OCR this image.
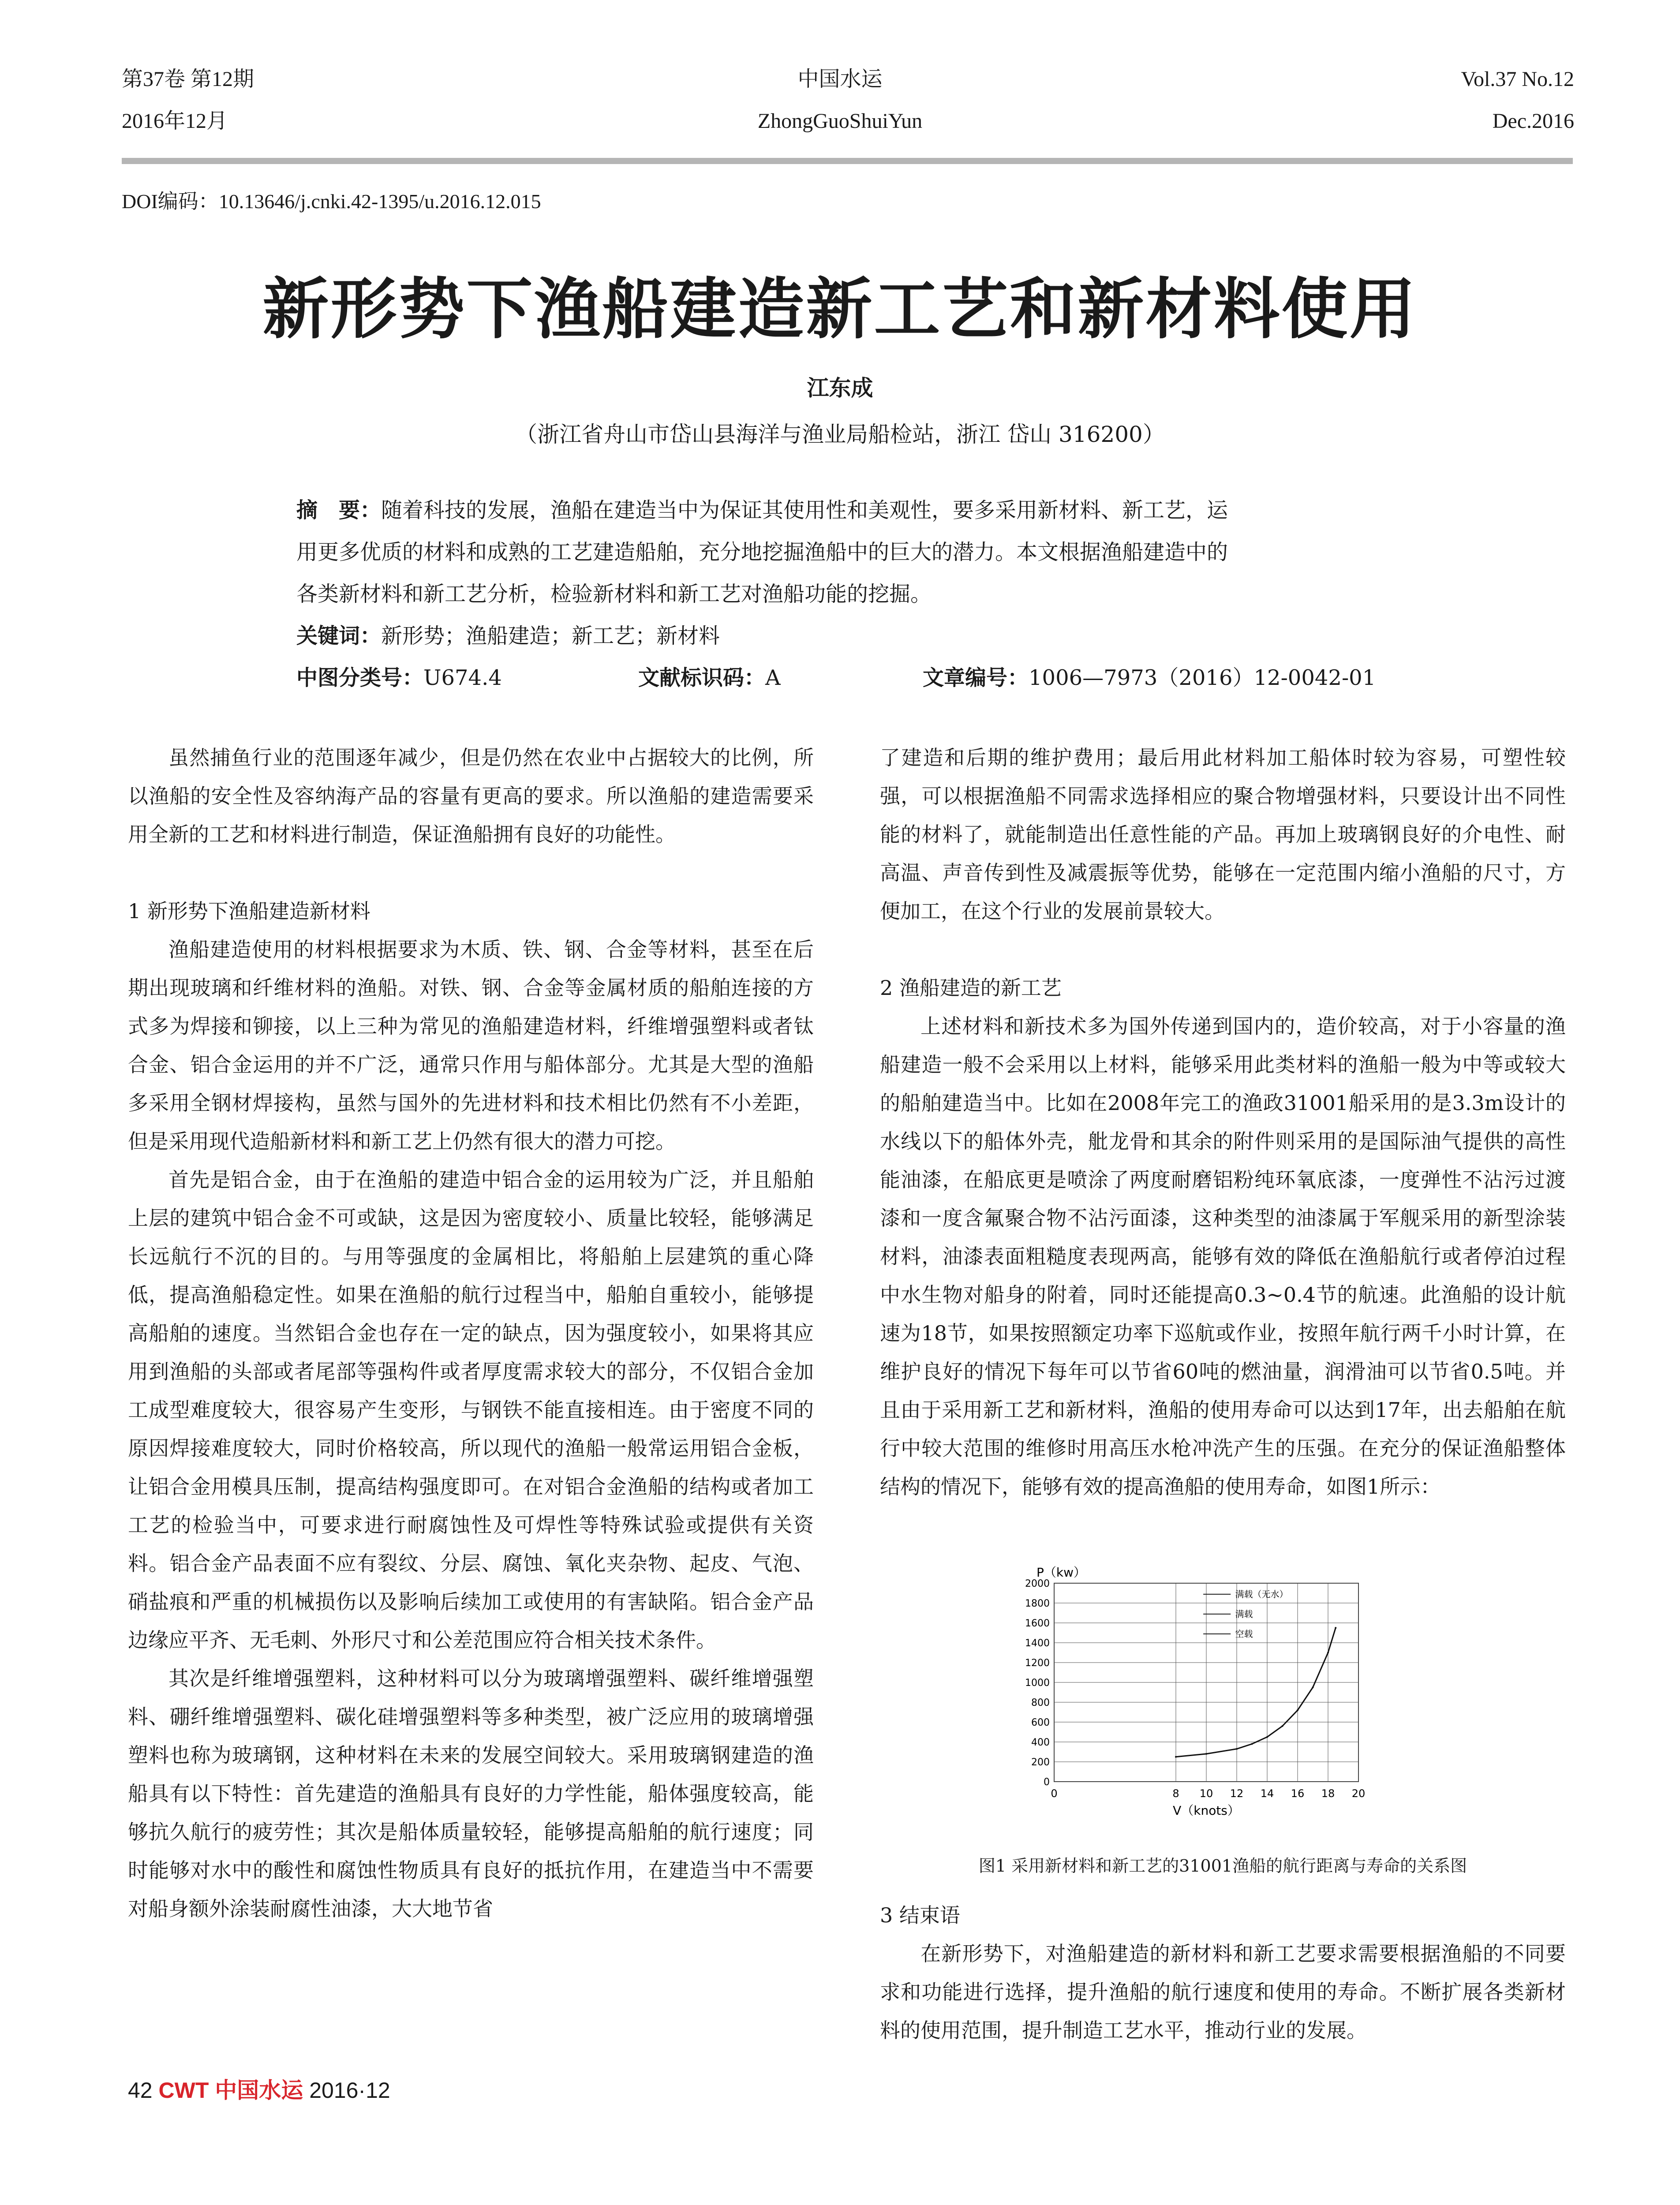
第37卷 第12期
2016年12月
中国水运
ZhongGuoShuiYun
Vol.37 No.12
Dec.2016
DOI编码：10.13646/j.cnki.42-1395/u.2016.12.015
新形势下渔船建造新工艺和新材料使用
江东成
（浙江省舟山市岱山县海洋与渔业局船检站，浙江 岱山 316200）
摘　要：随着科技的发展，渔船在建造当中为保证其使用性和美观性，要多采用新材料、新工艺，运
用更多优质的材料和成熟的工艺建造船舶，充分地挖掘渔船中的巨大的潜力。本文根据渔船建造中的
各类新材料和新工艺分析，检验新材料和新工艺对渔船功能的挖掘。
关键词：新形势；渔船建造；新工艺；新材料
中图分类号：U674.4	文献标识码：A	文章编号：1006—7973（2016）12-0042-01

虽然捕鱼行业的范围逐年减少，但是仍然在农业中占据较大的比例，所以渔船的安全性及容纳海产品的容量有更高的要求。所以渔船的建造需要采用全新的工艺和材料进行制造，保证渔船拥有良好的功能性。

1 新形势下渔船建造新材料

渔船建造使用的材料根据要求为木质、铁、钢、合金等材料，甚至在后期出现玻璃和纤维材料的渔船。对铁、钢、合金等金属材质的船舶连接的方式多为焊接和铆接，以上三种为常见的渔船建造材料，纤维增强塑料或者钛合金、铝合金运用的并不广泛，通常只作用与船体部分。尤其是大型的渔船多采用全钢材焊接构，虽然与国外的先进材料和技术相比仍然有不小差距，但是采用现代造船新材料和新工艺上仍然有很大的潜力可挖。

首先是铝合金，由于在渔船的建造中铝合金的运用较为广泛，并且船舶上层的建筑中铝合金不可或缺，这是因为密度较小、质量比较轻，能够满足长远航行不沉的目的。与用等强度的金属相比，将船舶上层建筑的重心降低，提高渔船稳定性。如果在渔船的航行过程当中，船舶自重较小，能够提高船舶的速度。当然铝合金也存在一定的缺点，因为强度较小，如果将其应用到渔船的头部或者尾部等强构件或者厚度需求较大的部分，不仅铝合金加工成型难度较大，很容易产生变形，与钢铁不能直接相连。由于密度不同的原因焊接难度较大，同时价格较高，所以现代的渔船一般常运用铝合金板，让铝合金用模具压制，提高结构强度即可。在对铝合金渔船的结构或者加工工艺的检验当中，可要求进行耐腐蚀性及可焊性等特殊试验或提供有关资料。铝合金产品表面不应有裂纹、分层、腐蚀、氧化夹杂物、起皮、气泡、硝盐痕和严重的机械损伤以及影响后续加工或使用的有害缺陷。铝合金产品边缘应平齐、无毛刺、外形尺寸和公差范围应符合相关技术条件。

其次是纤维增强塑料，这种材料可以分为玻璃增强塑料、碳纤维增强塑料、硼纤维增强塑料、碳化硅增强塑料等多种类型，被广泛应用的玻璃增强塑料也称为玻璃钢，这种材料在未来的发展空间较大。采用玻璃钢建造的渔船具有以下特性：首先建造的渔船具有良好的力学性能，船体强度较高，能够抗久航行的疲劳性；其次是船体质量较轻，能够提高船舶的航行速度；同时能够对水中的酸性和腐蚀性物质具有良好的抵抗作用，在建造当中不需要对船身额外涂装耐腐性油漆，大大地节省

了建造和后期的维护费用；最后用此材料加工船体时较为容易，可塑性较强，可以根据渔船不同需求选择相应的聚合物增强材料，只要设计出不同性能的材料了，就能制造出任意性能的产品。再加上玻璃钢良好的介电性、耐高温、声音传到性及减震振等优势，能够在一定范围内缩小渔船的尺寸，方便加工，在这个行业的发展前景较大。

2 渔船建造的新工艺

上述材料和新技术多为国外传递到国内的，造价较高，对于小容量的渔船建造一般不会采用以上材料，能够采用此类材料的渔船一般为中等或较大的船舶建造当中。比如在2008年完工的渔政31001船采用的是3.3m设计的水线以下的船体外壳，舭龙骨和其余的附件则采用的是国际油气提供的高性能油漆，在船底更是喷涂了两度耐磨铝粉纯环氧底漆，一度弹性不沾污过渡漆和一度含氟聚合物不沾污面漆，这种类型的油漆属于军舰采用的新型涂装材料，油漆表面粗糙度表现两高，能够有效的降低在渔船航行或者停泊过程中水生物对船身的附着，同时还能提高0.3~0.4节的航速。此渔船的设计航速为18节，如果按照额定功率下巡航或作业，按照年航行两千小时计算，在维护良好的情况下每年可以节省60吨的燃油量，润滑油可以节省0.5吨。并且由于采用新工艺和新材料，渔船的使用寿命可以达到17年，出去船舶在航行中较大范围的维修时用高压水枪冲洗产生的压强。在充分的保证渔船整体结构的情况下，能够有效的提高渔船的使用寿命，如图1所示：

0	8 10 12 14 16 18 20
2000
1800
1600
1400
1200
1000
800
600
400
200
0
P（kw）
V（knots）
满载（无水）
满载
空载
图1 采用新材料和新工艺的31001渔船的航行距离与寿命的关系图
3 结束语

在新形势下，对渔船建造的新材料和新工艺要求需要根据渔船的不同要求和功能进行选择，提升渔船的航行速度和使用的寿命。不断扩展各类新材料的使用范围，提升制造工艺水平，推动行业的发展。

42 CWT 中国水运 2016·12
